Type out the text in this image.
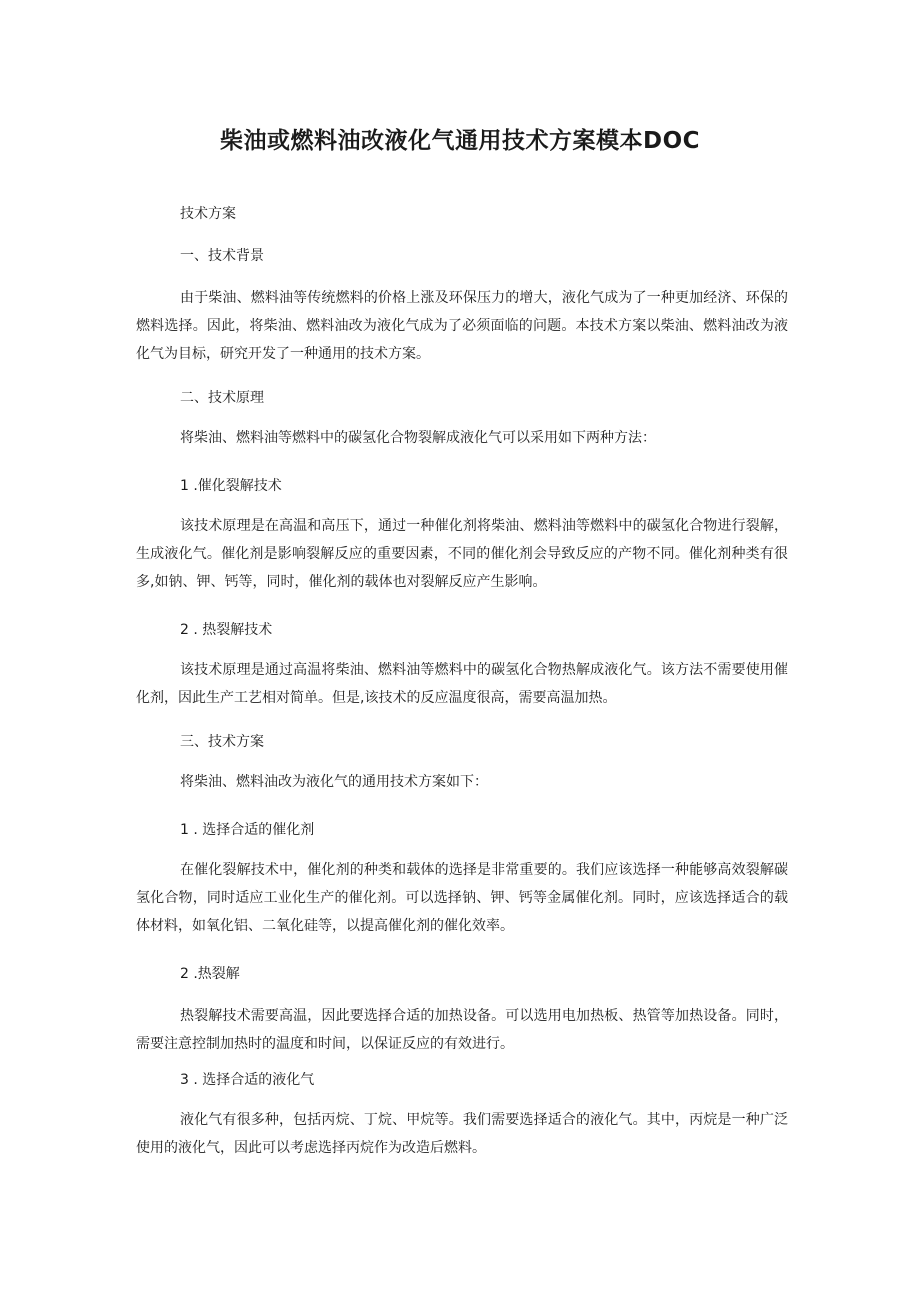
柴油或燃料油改液化气通用技术方案模本DOC

技术方案

一、技术背景

由于柴油、燃料油等传统燃料的价格上涨及环保压力的增大，液化气成为了一种更加经济、环保的燃料选择。因此，将柴油、燃料油改为液化气成为了必须面临的问题。本技术方案以柴油、燃料油改为液化气为目标，研究开发了一种通用的技术方案。

二、技术原理

将柴油、燃料油等燃料中的碳氢化合物裂解成液化气可以采用如下两种方法：

1 .催化裂解技术

该技术原理是在高温和高压下，通过一种催化剂将柴油、燃料油等燃料中的碳氢化合物进行裂解，生成液化气。催化剂是影响裂解反应的重要因素，不同的催化剂会导致反应的产物不同。催化剂种类有很多,如钠、钾、钙等，同时，催化剂的载体也对裂解反应产生影响。

2 . 热裂解技术

该技术原理是通过高温将柴油、燃料油等燃料中的碳氢化合物热解成液化气。该方法不需要使用催化剂，因此生产工艺相对简单。但是,该技术的反应温度很高，需要高温加热。

三、技术方案

将柴油、燃料油改为液化气的通用技术方案如下：

1 . 选择合适的催化剂

在催化裂解技术中，催化剂的种类和载体的选择是非常重要的。我们应该选择一种能够高效裂解碳氢化合物，同时适应工业化生产的催化剂。可以选择钠、钾、钙等金属催化剂。同时，应该选择适合的载体材料，如氧化铝、二氧化硅等，以提高催化剂的催化效率。

2 .热裂解

热裂解技术需要高温，因此要选择合适的加热设备。可以选用电加热板、热管等加热设备。同时，需要注意控制加热时的温度和时间，以保证反应的有效进行。

3 . 选择合适的液化气

液化气有很多种，包括丙烷、丁烷、甲烷等。我们需要选择适合的液化气。其中，丙烷是一种广泛使用的液化气，因此可以考虑选择丙烷作为改造后燃料。
